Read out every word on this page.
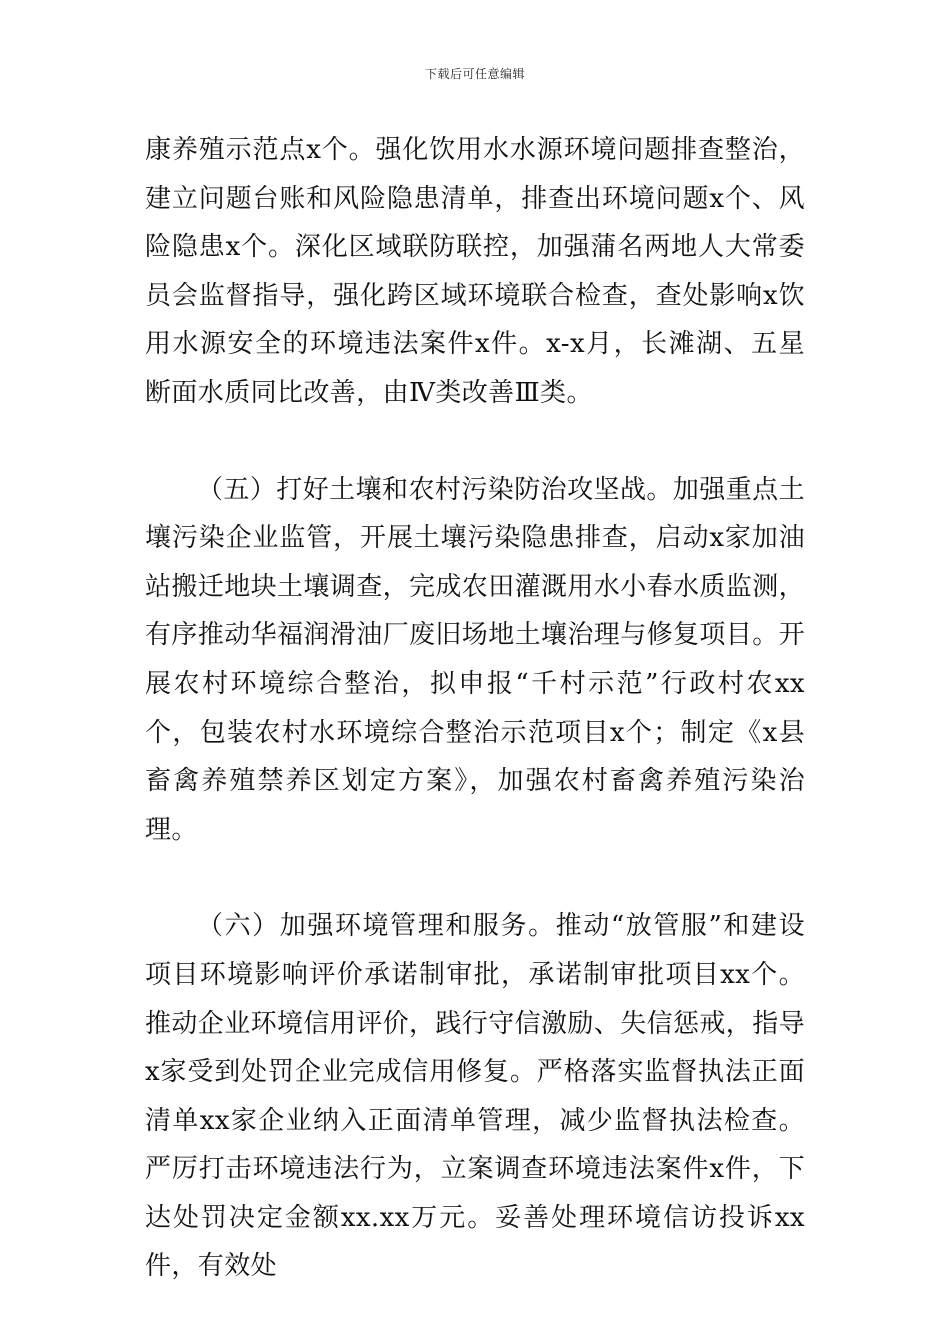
下载后可任意编辑

康养殖示范点x个。强化饮用水水源环境问题排查整治，建立问题台账和风险隐患清单，排查出环境问题x个、风险隐患x个。深化区域联防联控，加强蒲名两地人大常委员会监督指导，强化跨区域环境联合检查，查处影响x饮用水源安全的环境违法案件x件。x-x月，长滩湖、五星断面水质同比改善，由Ⅳ类改善Ⅲ类。

（五）打好土壤和农村污染防治攻坚战。加强重点土壤污染企业监管，开展土壤污染隐患排查，启动x家加油站搬迁地块土壤调查，完成农田灌溉用水小春水质监测，有序推动华福润滑油厂废旧场地土壤治理与修复项目。开展农村环境综合整治，拟申报“千村示范”行政村农xx个，包装农村水环境综合整治示范项目x个；制定《x县畜禽养殖禁养区划定方案》，加强农村畜禽养殖污染治理。

（六）加强环境管理和服务。推动“放管服”和建设项目环境影响评价承诺制审批，承诺制审批项目xx个。推动企业环境信用评价，践行守信激励、失信惩戒，指导x家受到处罚企业完成信用修复。严格落实监督执法正面清单xx家企业纳入正面清单管理，减少监督执法检查。严厉打击环境违法行为，立案调查环境违法案件x件，下达处罚决定金额xx.xx万元。妥善处理环境信访投诉xx件，有效处
